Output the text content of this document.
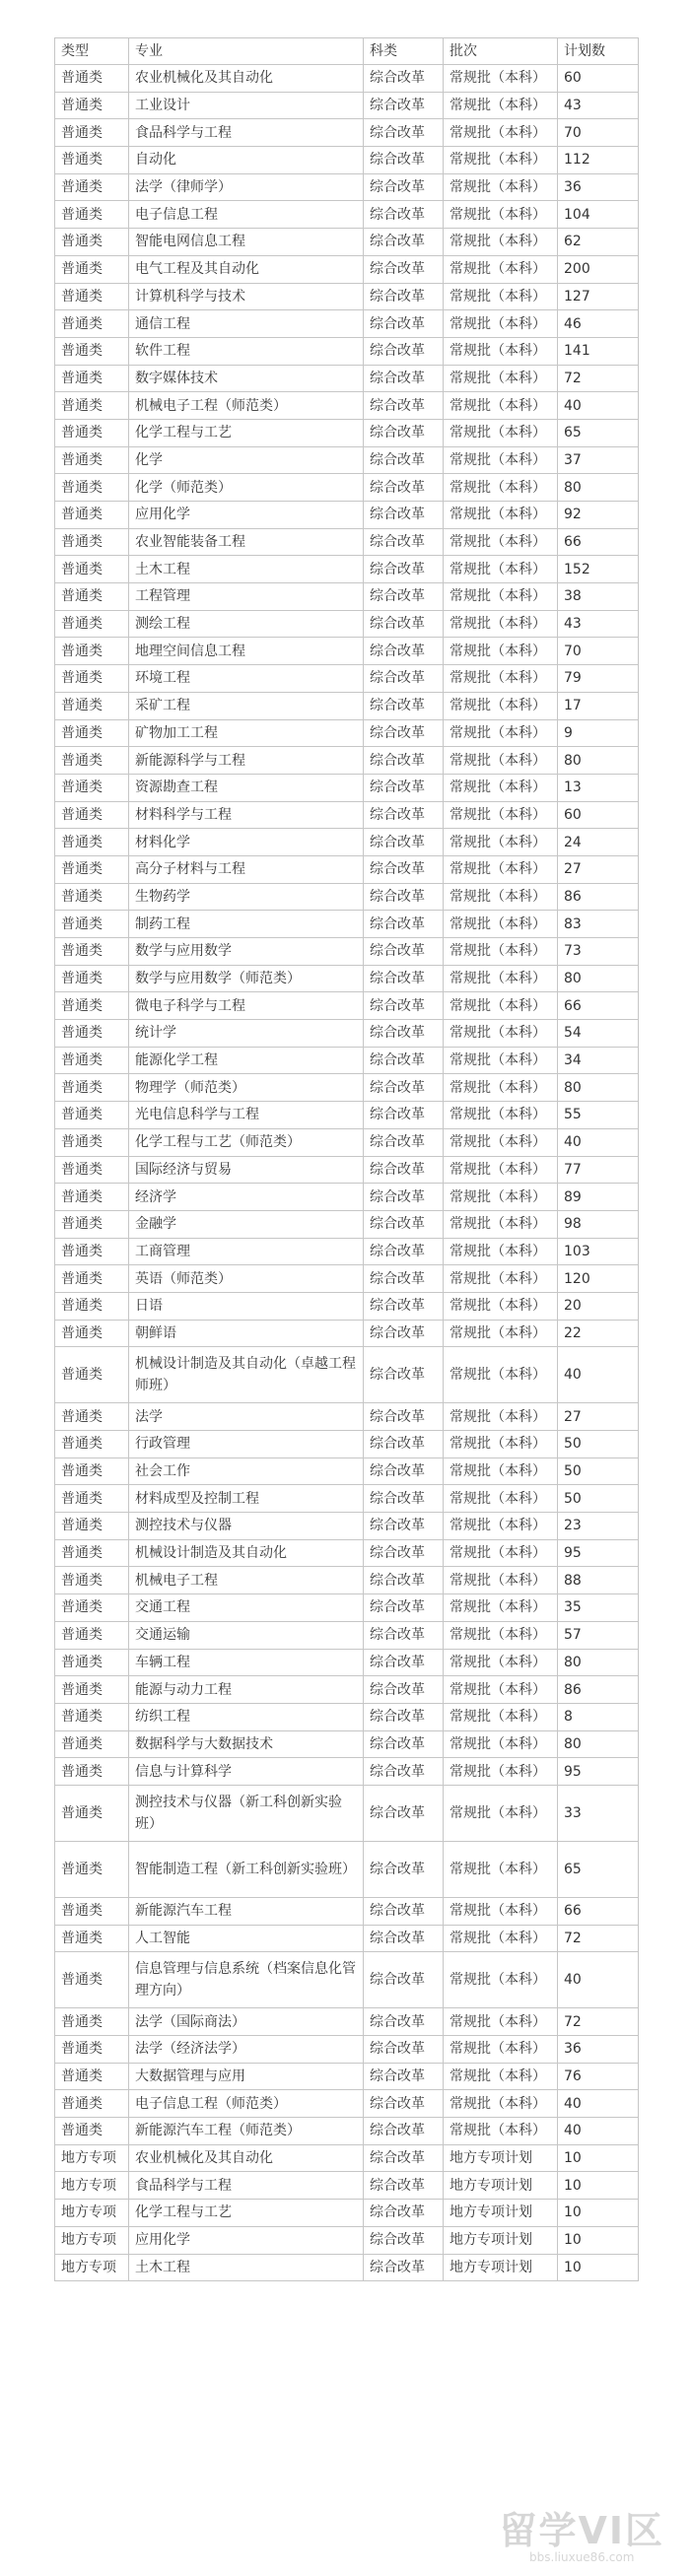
类型	专业	科类	批次	计划数
普通类	农业机械化及其自动化	综合改革	常规批（本科）	60
普通类	工业设计	综合改革	常规批（本科）	43
普通类	食品科学与工程	综合改革	常规批（本科）	70
普通类	自动化	综合改革	常规批（本科）	112
普通类	法学（律师学）	综合改革	常规批（本科）	36
普通类	电子信息工程	综合改革	常规批（本科）	104
普通类	智能电网信息工程	综合改革	常规批（本科）	62
普通类	电气工程及其自动化	综合改革	常规批（本科）	200
普通类	计算机科学与技术	综合改革	常规批（本科）	127
普通类	通信工程	综合改革	常规批（本科）	46
普通类	软件工程	综合改革	常规批（本科）	141
普通类	数字媒体技术	综合改革	常规批（本科）	72
普通类	机械电子工程（师范类）	综合改革	常规批（本科）	40
普通类	化学工程与工艺	综合改革	常规批（本科）	65
普通类	化学	综合改革	常规批（本科）	37
普通类	化学（师范类）	综合改革	常规批（本科）	80
普通类	应用化学	综合改革	常规批（本科）	92
普通类	农业智能装备工程	综合改革	常规批（本科）	66
普通类	土木工程	综合改革	常规批（本科）	152
普通类	工程管理	综合改革	常规批（本科）	38
普通类	测绘工程	综合改革	常规批（本科）	43
普通类	地理空间信息工程	综合改革	常规批（本科）	70
普通类	环境工程	综合改革	常规批（本科）	79
普通类	采矿工程	综合改革	常规批（本科）	17
普通类	矿物加工工程	综合改革	常规批（本科）	9
普通类	新能源科学与工程	综合改革	常规批（本科）	80
普通类	资源勘查工程	综合改革	常规批（本科）	13
普通类	材料科学与工程	综合改革	常规批（本科）	60
普通类	材料化学	综合改革	常规批（本科）	24
普通类	高分子材料与工程	综合改革	常规批（本科）	27
普通类	生物药学	综合改革	常规批（本科）	86
普通类	制药工程	综合改革	常规批（本科）	83
普通类	数学与应用数学	综合改革	常规批（本科）	73
普通类	数学与应用数学（师范类）	综合改革	常规批（本科）	80
普通类	微电子科学与工程	综合改革	常规批（本科）	66
普通类	统计学	综合改革	常规批（本科）	54
普通类	能源化学工程	综合改革	常规批（本科）	34
普通类	物理学（师范类）	综合改革	常规批（本科）	80
普通类	光电信息科学与工程	综合改革	常规批（本科）	55
普通类	化学工程与工艺（师范类）	综合改革	常规批（本科）	40
普通类	国际经济与贸易	综合改革	常规批（本科）	77
普通类	经济学	综合改革	常规批（本科）	89
普通类	金融学	综合改革	常规批（本科）	98
普通类	工商管理	综合改革	常规批（本科）	103
普通类	英语（师范类）	综合改革	常规批（本科）	120
普通类	日语	综合改革	常规批（本科）	20
普通类	朝鲜语	综合改革	常规批（本科）	22
普通类	机械设计制造及其自动化（卓越工程师班）	综合改革	常规批（本科）	40
普通类	法学	综合改革	常规批（本科）	27
普通类	行政管理	综合改革	常规批（本科）	50
普通类	社会工作	综合改革	常规批（本科）	50
普通类	材料成型及控制工程	综合改革	常规批（本科）	50
普通类	测控技术与仪器	综合改革	常规批（本科）	23
普通类	机械设计制造及其自动化	综合改革	常规批（本科）	95
普通类	机械电子工程	综合改革	常规批（本科）	88
普通类	交通工程	综合改革	常规批（本科）	35
普通类	交通运输	综合改革	常规批（本科）	57
普通类	车辆工程	综合改革	常规批（本科）	80
普通类	能源与动力工程	综合改革	常规批（本科）	86
普通类	纺织工程	综合改革	常规批（本科）	8
普通类	数据科学与大数据技术	综合改革	常规批（本科）	80
普通类	信息与计算科学	综合改革	常规批（本科）	95
普通类	测控技术与仪器（新工科创新实验班）	综合改革	常规批（本科）	33
普通类	智能制造工程（新工科创新实验班）	综合改革	常规批（本科）	65
普通类	新能源汽车工程	综合改革	常规批（本科）	66
普通类	人工智能	综合改革	常规批（本科）	72
普通类	信息管理与信息系统（档案信息化管理方向）	综合改革	常规批（本科）	40
普通类	法学（国际商法）	综合改革	常规批（本科）	72
普通类	法学（经济法学）	综合改革	常规批（本科）	36
普通类	大数据管理与应用	综合改革	常规批（本科）	76
普通类	电子信息工程（师范类）	综合改革	常规批（本科）	40
普通类	新能源汽车工程（师范类）	综合改革	常规批（本科）	40
地方专项	农业机械化及其自动化	综合改革	地方专项计划	10
地方专项	食品科学与工程	综合改革	地方专项计划	10
地方专项	化学工程与工艺	综合改革	地方专项计划	10
地方专项	应用化学	综合改革	地方专项计划	10
地方专项	土木工程	综合改革	地方专项计划	10
留学VI区
bbs.liuxue86.com
